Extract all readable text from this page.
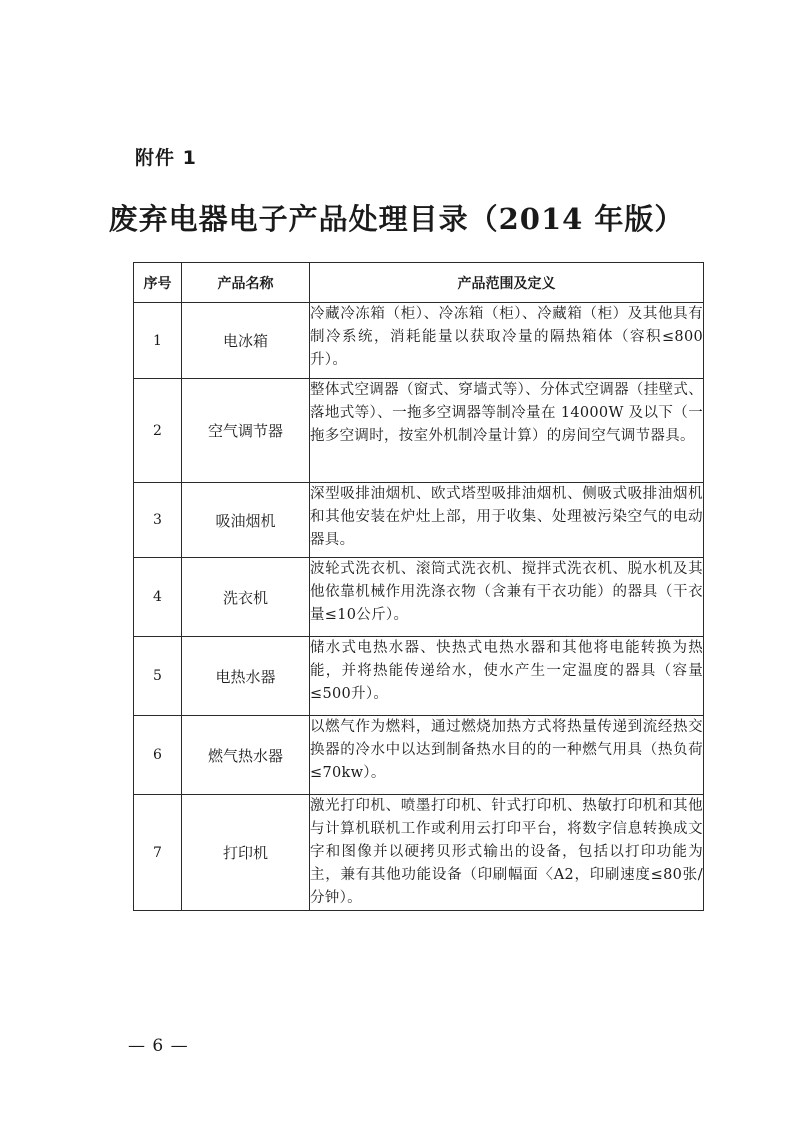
附件 1
废弃电器电子产品处理目录（2014 年版）
序号	产品名称	产品范围及定义
1	电冰箱	冷藏冷冻箱（柜）、冷冻箱（柜）、冷藏箱（柜）及其他具有制冷系统，消耗能量以获取冷量的隔热箱体（容积≤800升）。
2	空气调节器	整体式空调器（窗式、穿墙式等）、分体式空调器（挂壁式、落地式等）、一拖多空调器等制冷量在 14000W 及以下（一拖多空调时，按室外机制冷量计算）的房间空气调节器具。
3	吸油烟机	深型吸排油烟机、欧式塔型吸排油烟机、侧吸式吸排油烟机和其他安装在炉灶上部，用于收集、处理被污染空气的电动器具。
4	洗衣机	波轮式洗衣机、滚筒式洗衣机、搅拌式洗衣机、脱水机及其他依靠机械作用洗涤衣物（含兼有干衣功能）的器具（干衣量≤10公斤）。
5	电热水器	储水式电热水器、快热式电热水器和其他将电能转换为热能，并将热能传递给水，使水产生一定温度的器具（容量≤500升）。
6	燃气热水器	以燃气作为燃料，通过燃烧加热方式将热量传递到流经热交换器的冷水中以达到制备热水目的的一种燃气用具（热负荷≤70kw）。
7	打印机	激光打印机、喷墨打印机、针式打印机、热敏打印机和其他与计算机联机工作或利用云打印平台，将数字信息转换成文字和图像并以硬拷贝形式输出的设备，包括以打印功能为主，兼有其他功能设备（印刷幅面〈A2，印刷速度≤80张/分钟）。
— 6 —
